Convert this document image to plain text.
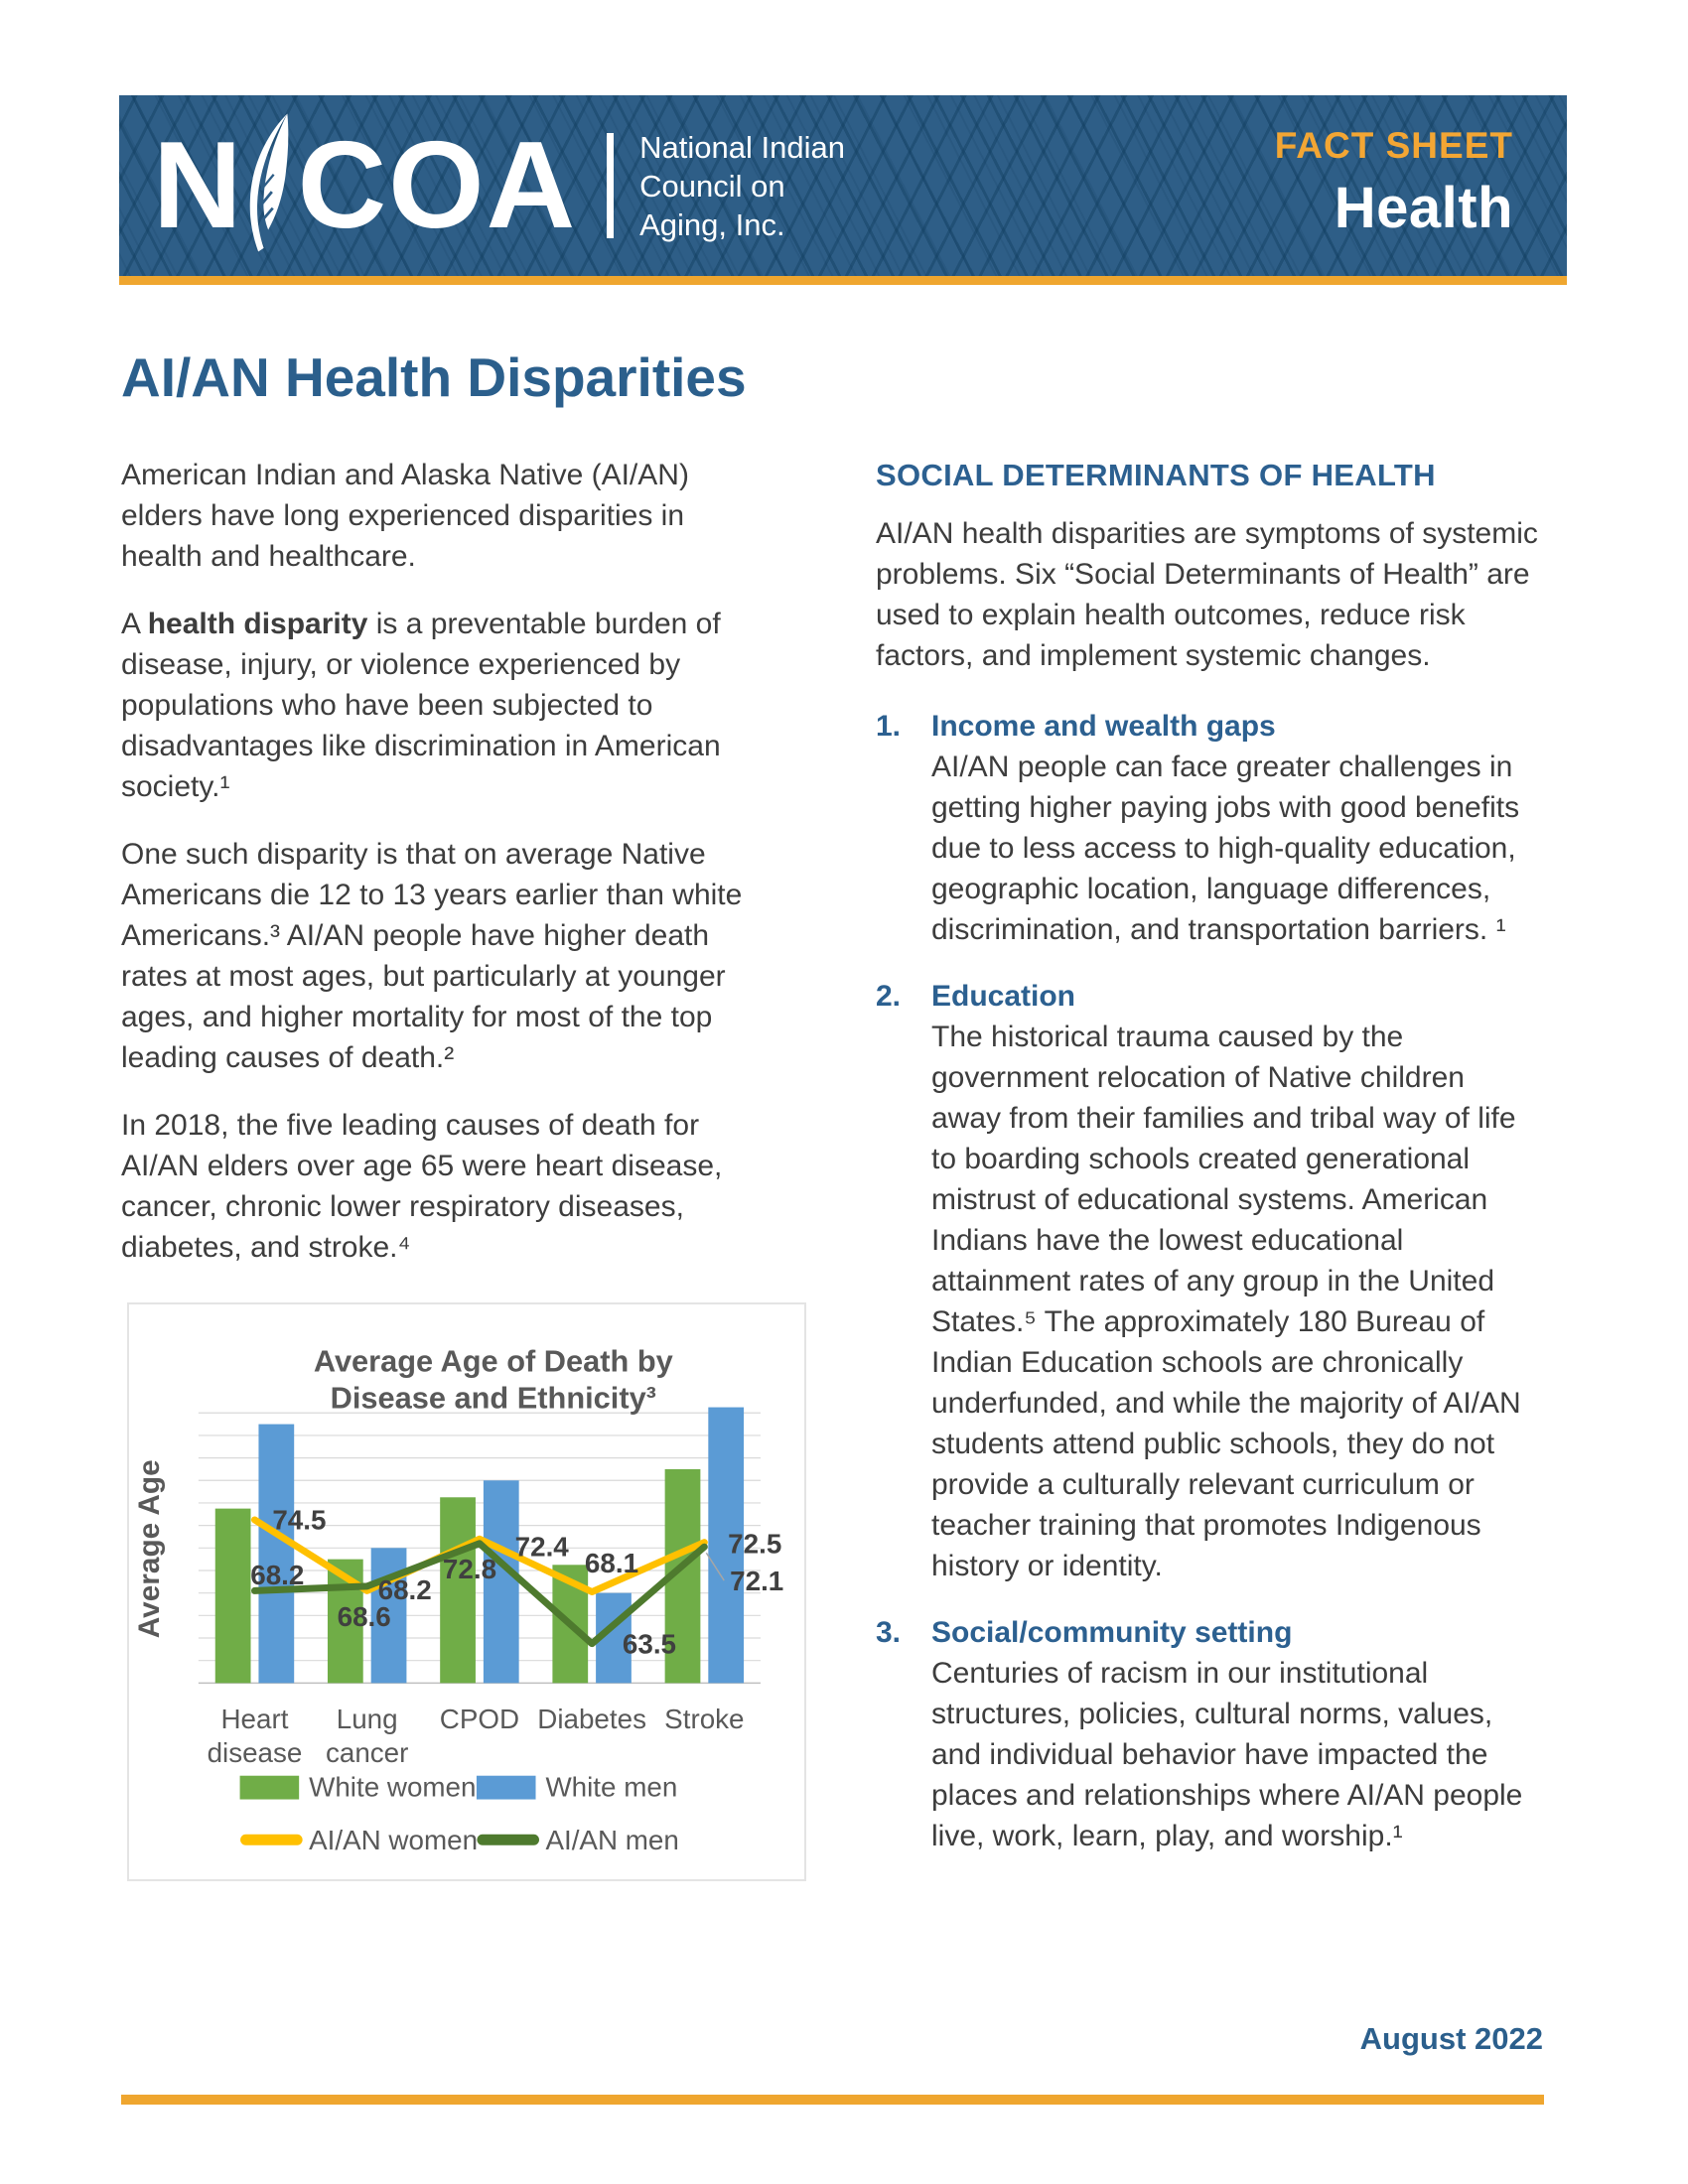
N COA National Indian
Council on
Aging, Inc.
FACT SHEET
Health
AI/AN Health Disparities

American Indian and Alaska Native (AI/AN) elders have long experienced disparities in health and healthcare.

A health disparity is a preventable burden of disease, injury, or violence experienced by populations who have been subjected to disadvantages like discrimination in American society.¹

One such disparity is that on average Native Americans die 12 to 13 years earlier than white Americans.³ AI/AN people have higher death rates at most ages, but particularly at younger ages, and higher mortality for most of the top leading causes of death.²

In 2018, the five leading causes of death for AI/AN elders over age 65 were heart disease, cancer, chronic lower respiratory diseases, diabetes, and stroke.⁴

74.5
68.2
72.8	68.1
72.5
68.2
68.6
72.4
63.5
72.1
Heart
disease
Lung
cancer
CPOD Diabetes Stroke
Average Age of Death by
Disease and Ethnicity³
Average Age
White women White men
AI/AN women AI/AN men
SOCIAL DETERMINANTS OF HEALTH

AI/AN health disparities are symptoms of systemic problems. Six “Social Determinants of Health” are used to explain health outcomes, reduce risk factors, and implement systemic changes.

1.	Income and wealth gaps
AI/AN people can face greater challenges in getting higher paying jobs with good benefits due to less access to high-quality education, geographic location, language differences, discrimination, and transportation barriers. ¹
2.	Education
The historical trauma caused by the government relocation of Native children away from their families and tribal way of life to boarding schools created generational mistrust of educational systems. American Indians have the lowest educational attainment rates of any group in the United States.⁵ The approximately 180 Bureau of Indian Education schools are chronically underfunded, and while the majority of AI/AN students attend public schools, they do not provide a culturally relevant curriculum or teacher training that promotes Indigenous history or identity.
3.	Social/community setting
Centuries of racism in our institutional structures, policies, cultural norms, values, and individual behavior have impacted the places and relationships where AI/AN people live, work, learn, play, and worship.¹
August 2022
